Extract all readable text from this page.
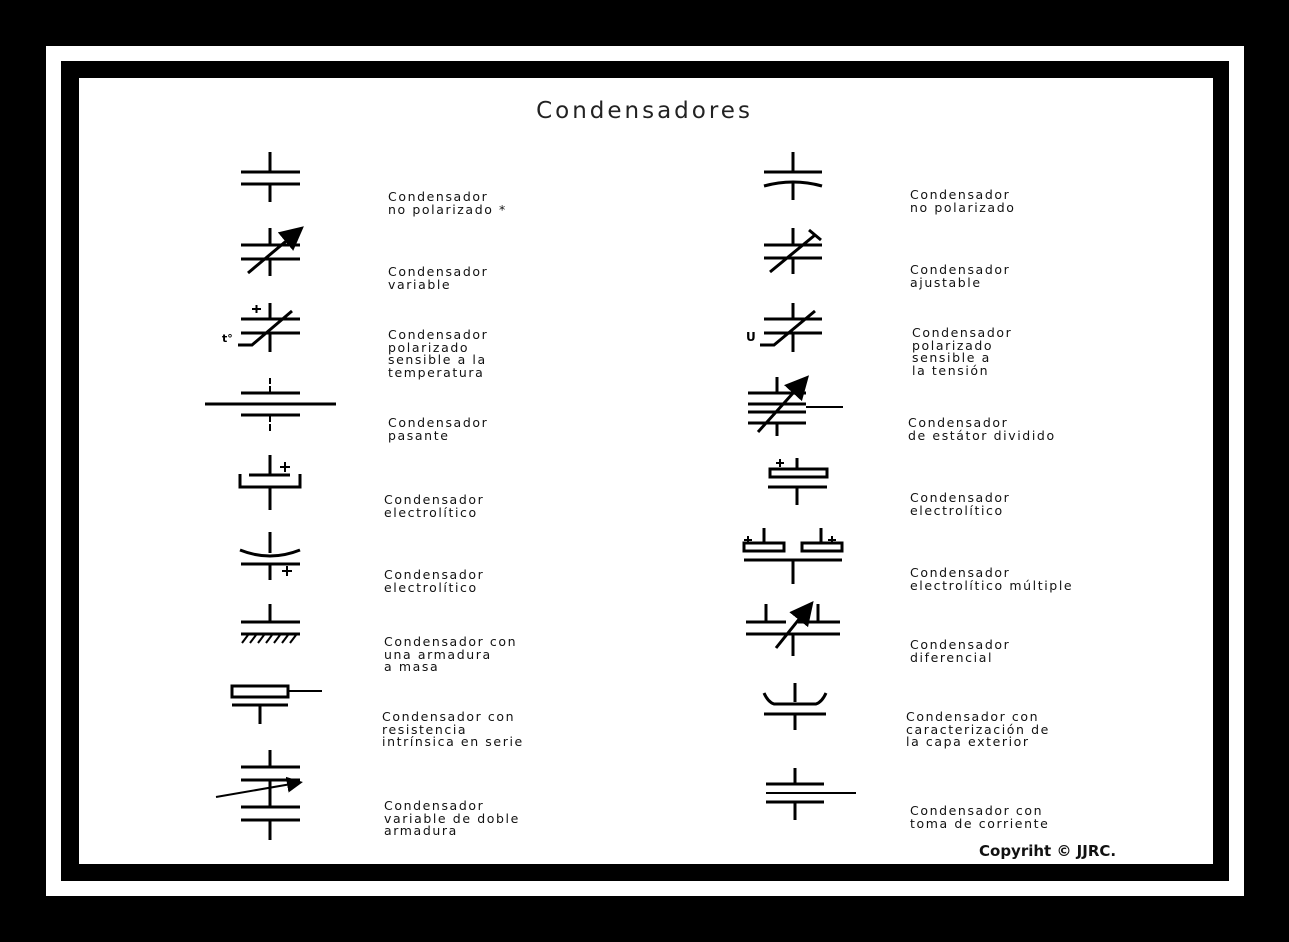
Condensadores

Condensador
no polarizado *

Condensador
variable

Condensador
polarizado
sensible a la
temperatura

Condensador
pasante

Condensador
electrolítico

Condensador
electrolítico

Condensador con
una armadura
a masa

Condensador con
resistencia
intrínsica en serie

Condensador
variable de doble
armadura

Condensador
no polarizado

Condensador
ajustable

Condensador
polarizado
sensible a
la tensión

Condensador
de estátor dividido

Condensador
electrolítico

Condensador
electrolítico múltiple

Condensador
diferencial

Condensador con
caracterización de
la capa exterior

Condensador con
toma de corriente

Copyriht © JJRC.
t°	U
